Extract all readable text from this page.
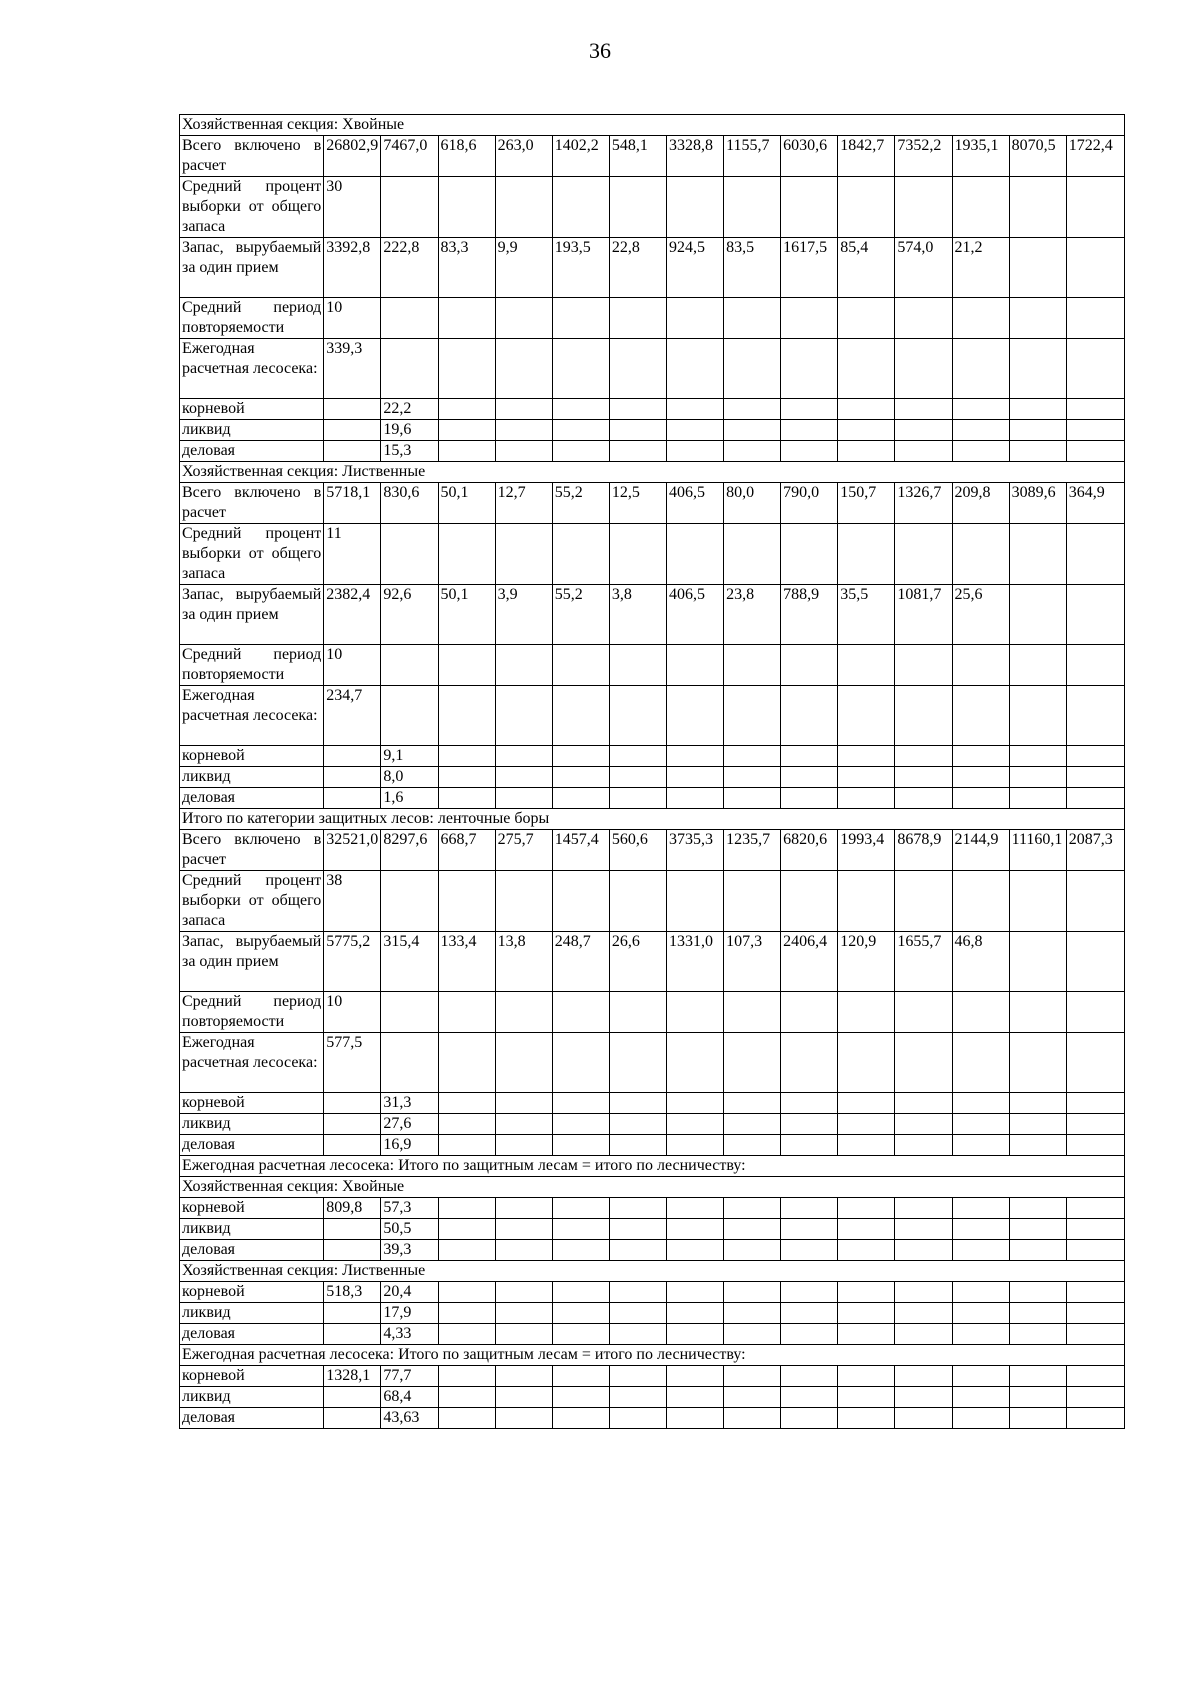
36
Хозяйственная секция: Хвойные														
Всего включено в расчет	26802,9	7467,0	618,6	263,0	1402,2	548,1	3328,8	1155,7	6030,6	1842,7	7352,2	1935,1	8070,5	1722,4
Средний процент выборки от общего запаса	30													
Запас, вырубаемый за один прием	3392,8	222,8	83,3	9,9	193,5	22,8	924,5	83,5	1617,5	85,4	574,0	21,2		
Средний период повторяемости	10													
Ежегодная расчетная лесосека:	339,3													
корневой		22,2												
ликвид		19,6												
деловая		15,3												
Хозяйственная секция: Лиственные														
Всего включено в расчет	5718,1	830,6	50,1	12,7	55,2	12,5	406,5	80,0	790,0	150,7	1326,7	209,8	3089,6	364,9
Средний процент выборки от общего запаса	11													
Запас, вырубаемый за один прием	2382,4	92,6	50,1	3,9	55,2	3,8	406,5	23,8	788,9	35,5	1081,7	25,6		
Средний период повторяемости	10													
Ежегодная расчетная лесосека:	234,7													
корневой		9,1												
ликвид		8,0												
деловая		1,6												
Итого по категории защитных лесов: ленточные боры														
Всего включено в расчет	32521,0	8297,6	668,7	275,7	1457,4	560,6	3735,3	1235,7	6820,6	1993,4	8678,9	2144,9	11160,1	2087,3
Средний процент выборки от общего запаса	38													
Запас, вырубаемый за один прием	5775,2	315,4	133,4	13,8	248,7	26,6	1331,0	107,3	2406,4	120,9	1655,7	46,8		
Средний период повторяемости	10													
Ежегодная расчетная лесосека:	577,5													
корневой		31,3												
ликвид		27,6												
деловая		16,9												
Ежегодная расчетная лесосека: Итого по защитным лесам = итого по лесничеству:														
Хозяйственная секция: Хвойные														
корневой	809,8	57,3												
ликвид		50,5												
деловая		39,3												
Хозяйственная секция: Лиственные														
корневой	518,3	20,4												
ликвид		17,9												
деловая		4,33												
Ежегодная расчетная лесосека: Итого по защитным лесам = итого по лесничеству:														
корневой	1328,1	77,7												
ликвид		68,4												
деловая		43,63												
